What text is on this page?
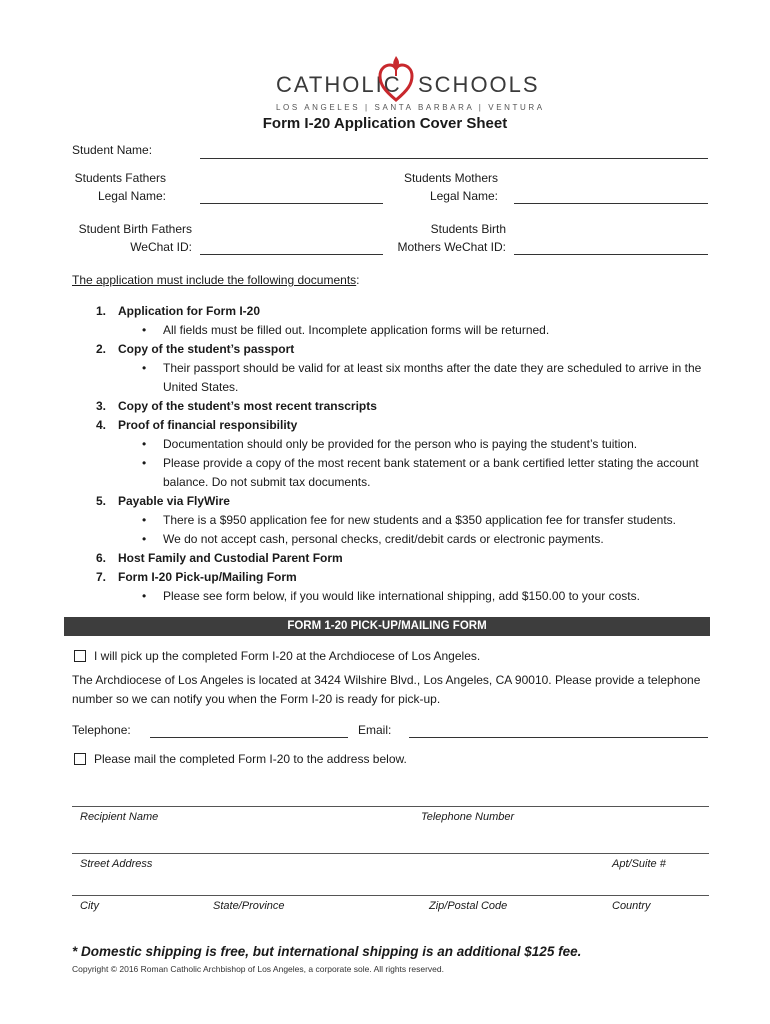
CATHOLIC SCHOOLS
LOS ANGELES | SANTA BARBARA | VENTURA
Form I-20 Application Cover Sheet
Student Name:
Students Fathers
Legal Name:
Students Mothers
Legal Name:
Student Birth Fathers
WeChat ID:
Students Birth
Mothers WeChat ID:
The application must include the following documents:
1. Application for Form I-20
• All fields must be filled out. Incomplete application forms will be returned.
2. Copy of the student’s passport
• Their passport should be valid for at least six months after the date they are scheduled to arrive in the United States.
3. Copy of the student’s most recent transcripts
4. Proof of financial responsibility
• Documentation should only be provided for the person who is paying the student’s tuition.
• Please provide a copy of the most recent bank statement or a bank certified letter stating the account balance. Do not submit tax documents.
5. Payable via FlyWire
• There is a $950 application fee for new students and a $350 application fee for transfer students.
• We do not accept cash, personal checks, credit/debit cards or electronic payments.
6. Host Family and Custodial Parent Form
7. Form I-20 Pick-up/Mailing Form
• Please see form below, if you would like international shipping, add $150.00 to your costs.
FORM 1-20 PICK-UP/MAILING FORM
I will pick up the completed Form I-20 at the Archdiocese of Los Angeles.
The Archdiocese of Los Angeles is located at 3424 Wilshire Blvd., Los Angeles, CA 90010. Please provide a telephone number so we can notify you when the Form I-20 is ready for pick-up.
Telephone:	Email:
Please mail the completed Form I-20 to the address below.
Recipient Name	Telephone Number
Street Address	Apt/Suite #
City	State/Province	Zip/Postal Code	Country
* Domestic shipping is free, but international shipping is an additional $125 fee.
Copyright © 2016 Roman Catholic Archbishop of Los Angeles, a corporate sole. All rights reserved.
